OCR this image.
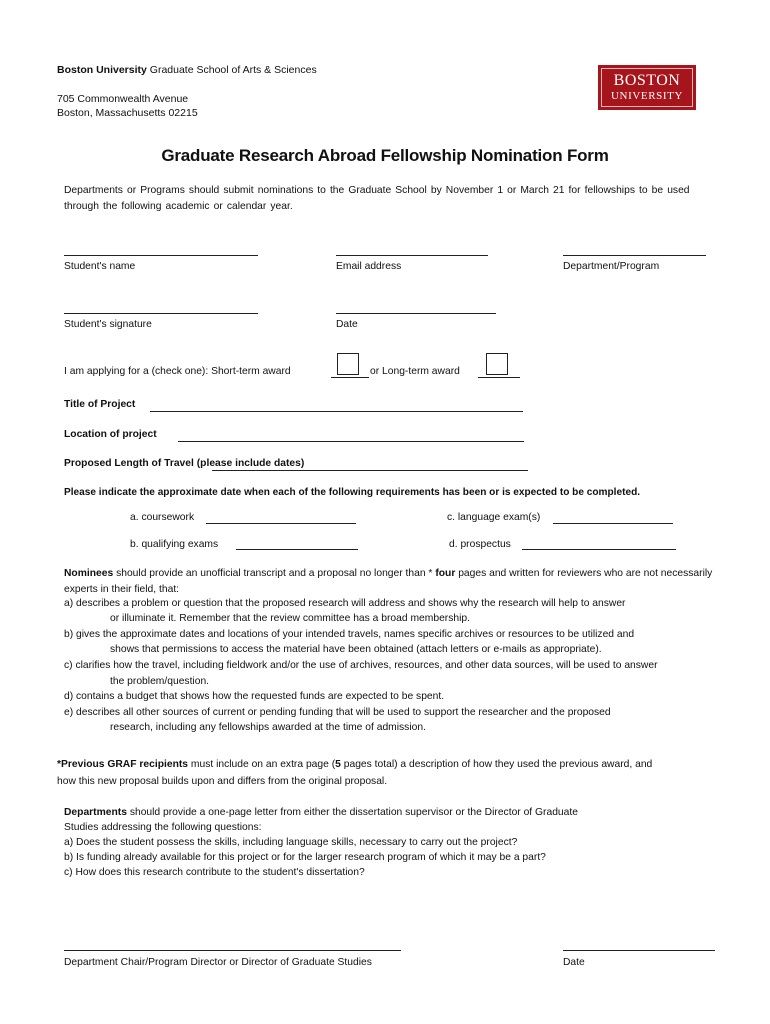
Boston University Graduate School of Arts & Sciences
705 Commonwealth Avenue
Boston, Massachusetts 02215
BOSTON
UNIVERSITY
Graduate Research Abroad Fellowship Nomination Form
Departments or Programs should submit nominations to the Graduate School by November 1 or March 21 for fellowships to be used through the following academic or calendar year.
Student's name	Email address	Department/Program
Student's signature	Date
I am applying for a (check one): Short-term award	or Long-term award
Title of Project
Location of project
Proposed Length of Travel (please include dates)
Please indicate the approximate date when each of the following requirements has been or is expected to be completed.
a. coursework	c. language exam(s)
b. qualifying exams	d. prospectus
Nominees should provide an unofficial transcript and a proposal no longer than * four pages and written for reviewers who are not necessarily experts in their field, that:
a) describes a problem or question that the proposed research will address and shows why the research will help to answer
or illuminate it. Remember that the review committee has a broad membership.
b) gives the approximate dates and locations of your intended travels, names specific archives or resources to be utilized and
shows that permissions to access the material have been obtained (attach letters or e-mails as appropriate).
c) clarifies how the travel, including fieldwork and/or the use of archives, resources, and other data sources, will be used to answer
the problem/question.
d) contains a budget that shows how the requested funds are expected to be spent.
e) describes all other sources of current or pending funding that will be used to support the researcher and the proposed
research, including any fellowships awarded at the time of admission.
*Previous GRAF recipients must include on an extra page (5 pages total) a description of how they used the previous award, and
how this new proposal builds upon and differs from the original proposal.
Departments should provide a one-page letter from either the dissertation supervisor or the Director of Graduate
Studies addressing the following questions:
a) Does the student possess the skills, including language skills, necessary to carry out the project?
b) Is funding already available for this project or for the larger research program of which it may be a part?
c) How does this research contribute to the student's dissertation?
Department Chair/Program Director or Director of Graduate Studies	Date
